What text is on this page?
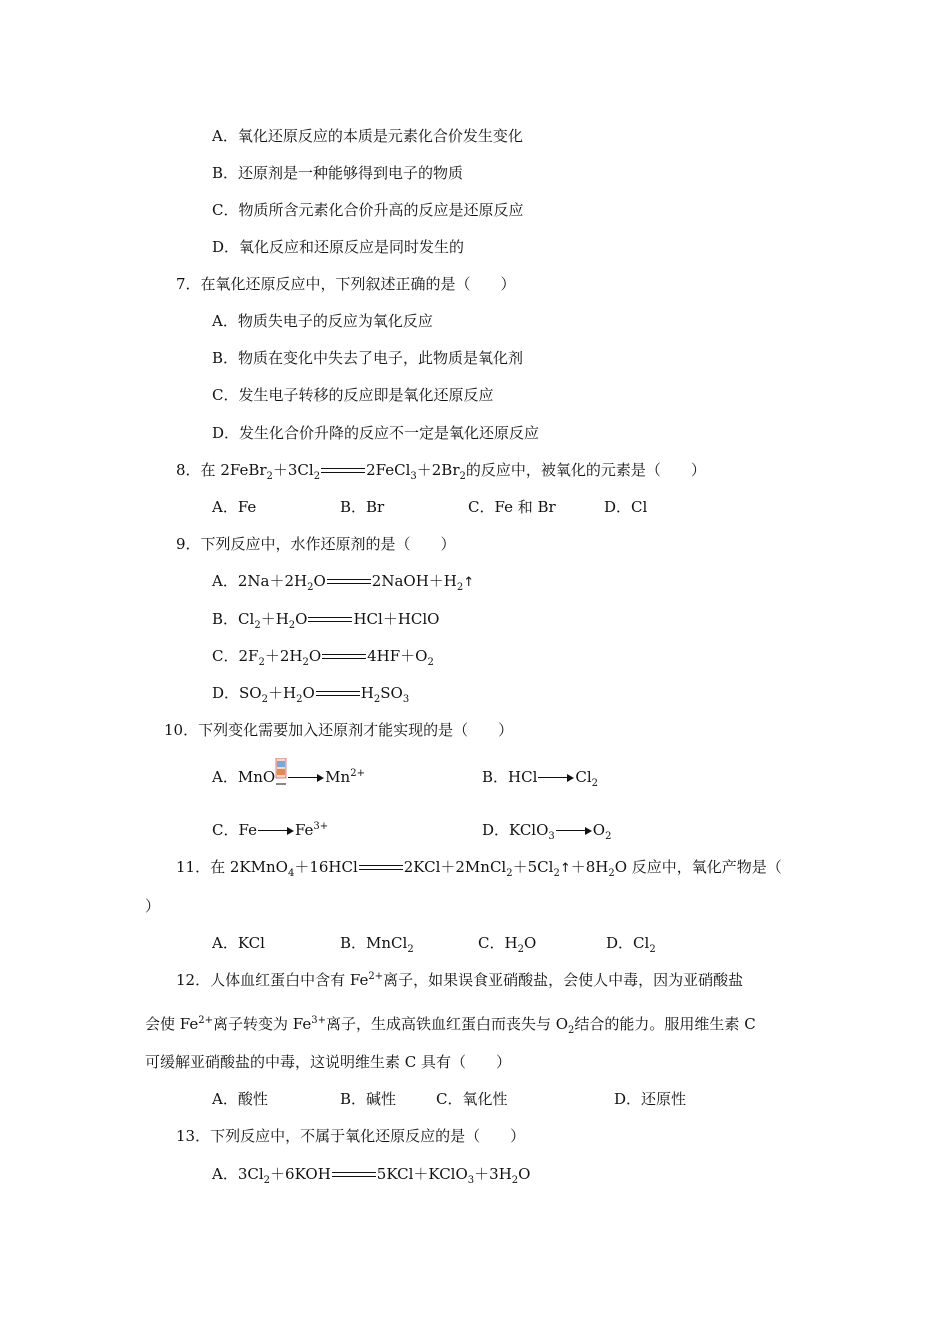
A．氧化还原反应的本质是元素化合价发生变化
B．还原剂是一种能够得到电子的物质
C．物质所含元素化合价升高的反应是还原反应
D．氧化反应和还原反应是同时发生的
7．在氧化还原反应中，下列叙述正确的是（　　）
A．物质失电子的反应为氧化反应
B．物质在变化中失去了电子，此物质是氧化剂
C．发生电子转移的反应即是氧化还原反应
D．发生化合价升降的反应不一定是氧化还原反应
8．在 $2FeBr_2+3Cl_2$	$2FeCl_3+2Br_2$的反应中，被氧化的元素是（　　）
A．Fe	B．Br	C．Fe 和 Br	D．Cl
9．下列反应中，水作还原剂的是（　　）
A．$2Na+2H_2O$	$2NaOH+H_2↑$
B．$Cl_2+H_2O$	HCl＋HClO
C．$2F_2+2H_2O$	$4HF+O_2$
D．$SO_2+H_2O$	$H_2SO_3$
10．下列变化需要加入还原剂才能实现的是（　　）
A．MnO	$Mn^{2+}$	B．HCl	$Cl_2$
C．Fe	$Fe^{3+}$	D．KClO$_3$	$O_2$
11．在 2KMnO$_4$＋16HCl	$2KCl+2MnCl_2+5Cl_2↑+8H_2O$ 反应中，氧化产物是（
）
A．KCl	B．MnCl$_2$	C．$H_2O$	D．$Cl_2$
12．人体血红蛋白中含有 $Fe^{2+}$离子，如果误食亚硝酸盐，会使人中毒，因为亚硝酸盐
会使 $Fe^{2+}$离子转变为 $Fe^{3+}$离子，生成高铁血红蛋白而丧失与 $O_2$结合的能力。服用维生素 C
可缓解亚硝酸盐的中毒，这说明维生素 C 具有（　　）
A．酸性	B．碱性	C．氧化性	D．还原性
13．下列反应中，不属于氧化还原反应的是（　　）
A．$3Cl_2+6KOH$	$5KCl+KClO_3+3H_2O$
